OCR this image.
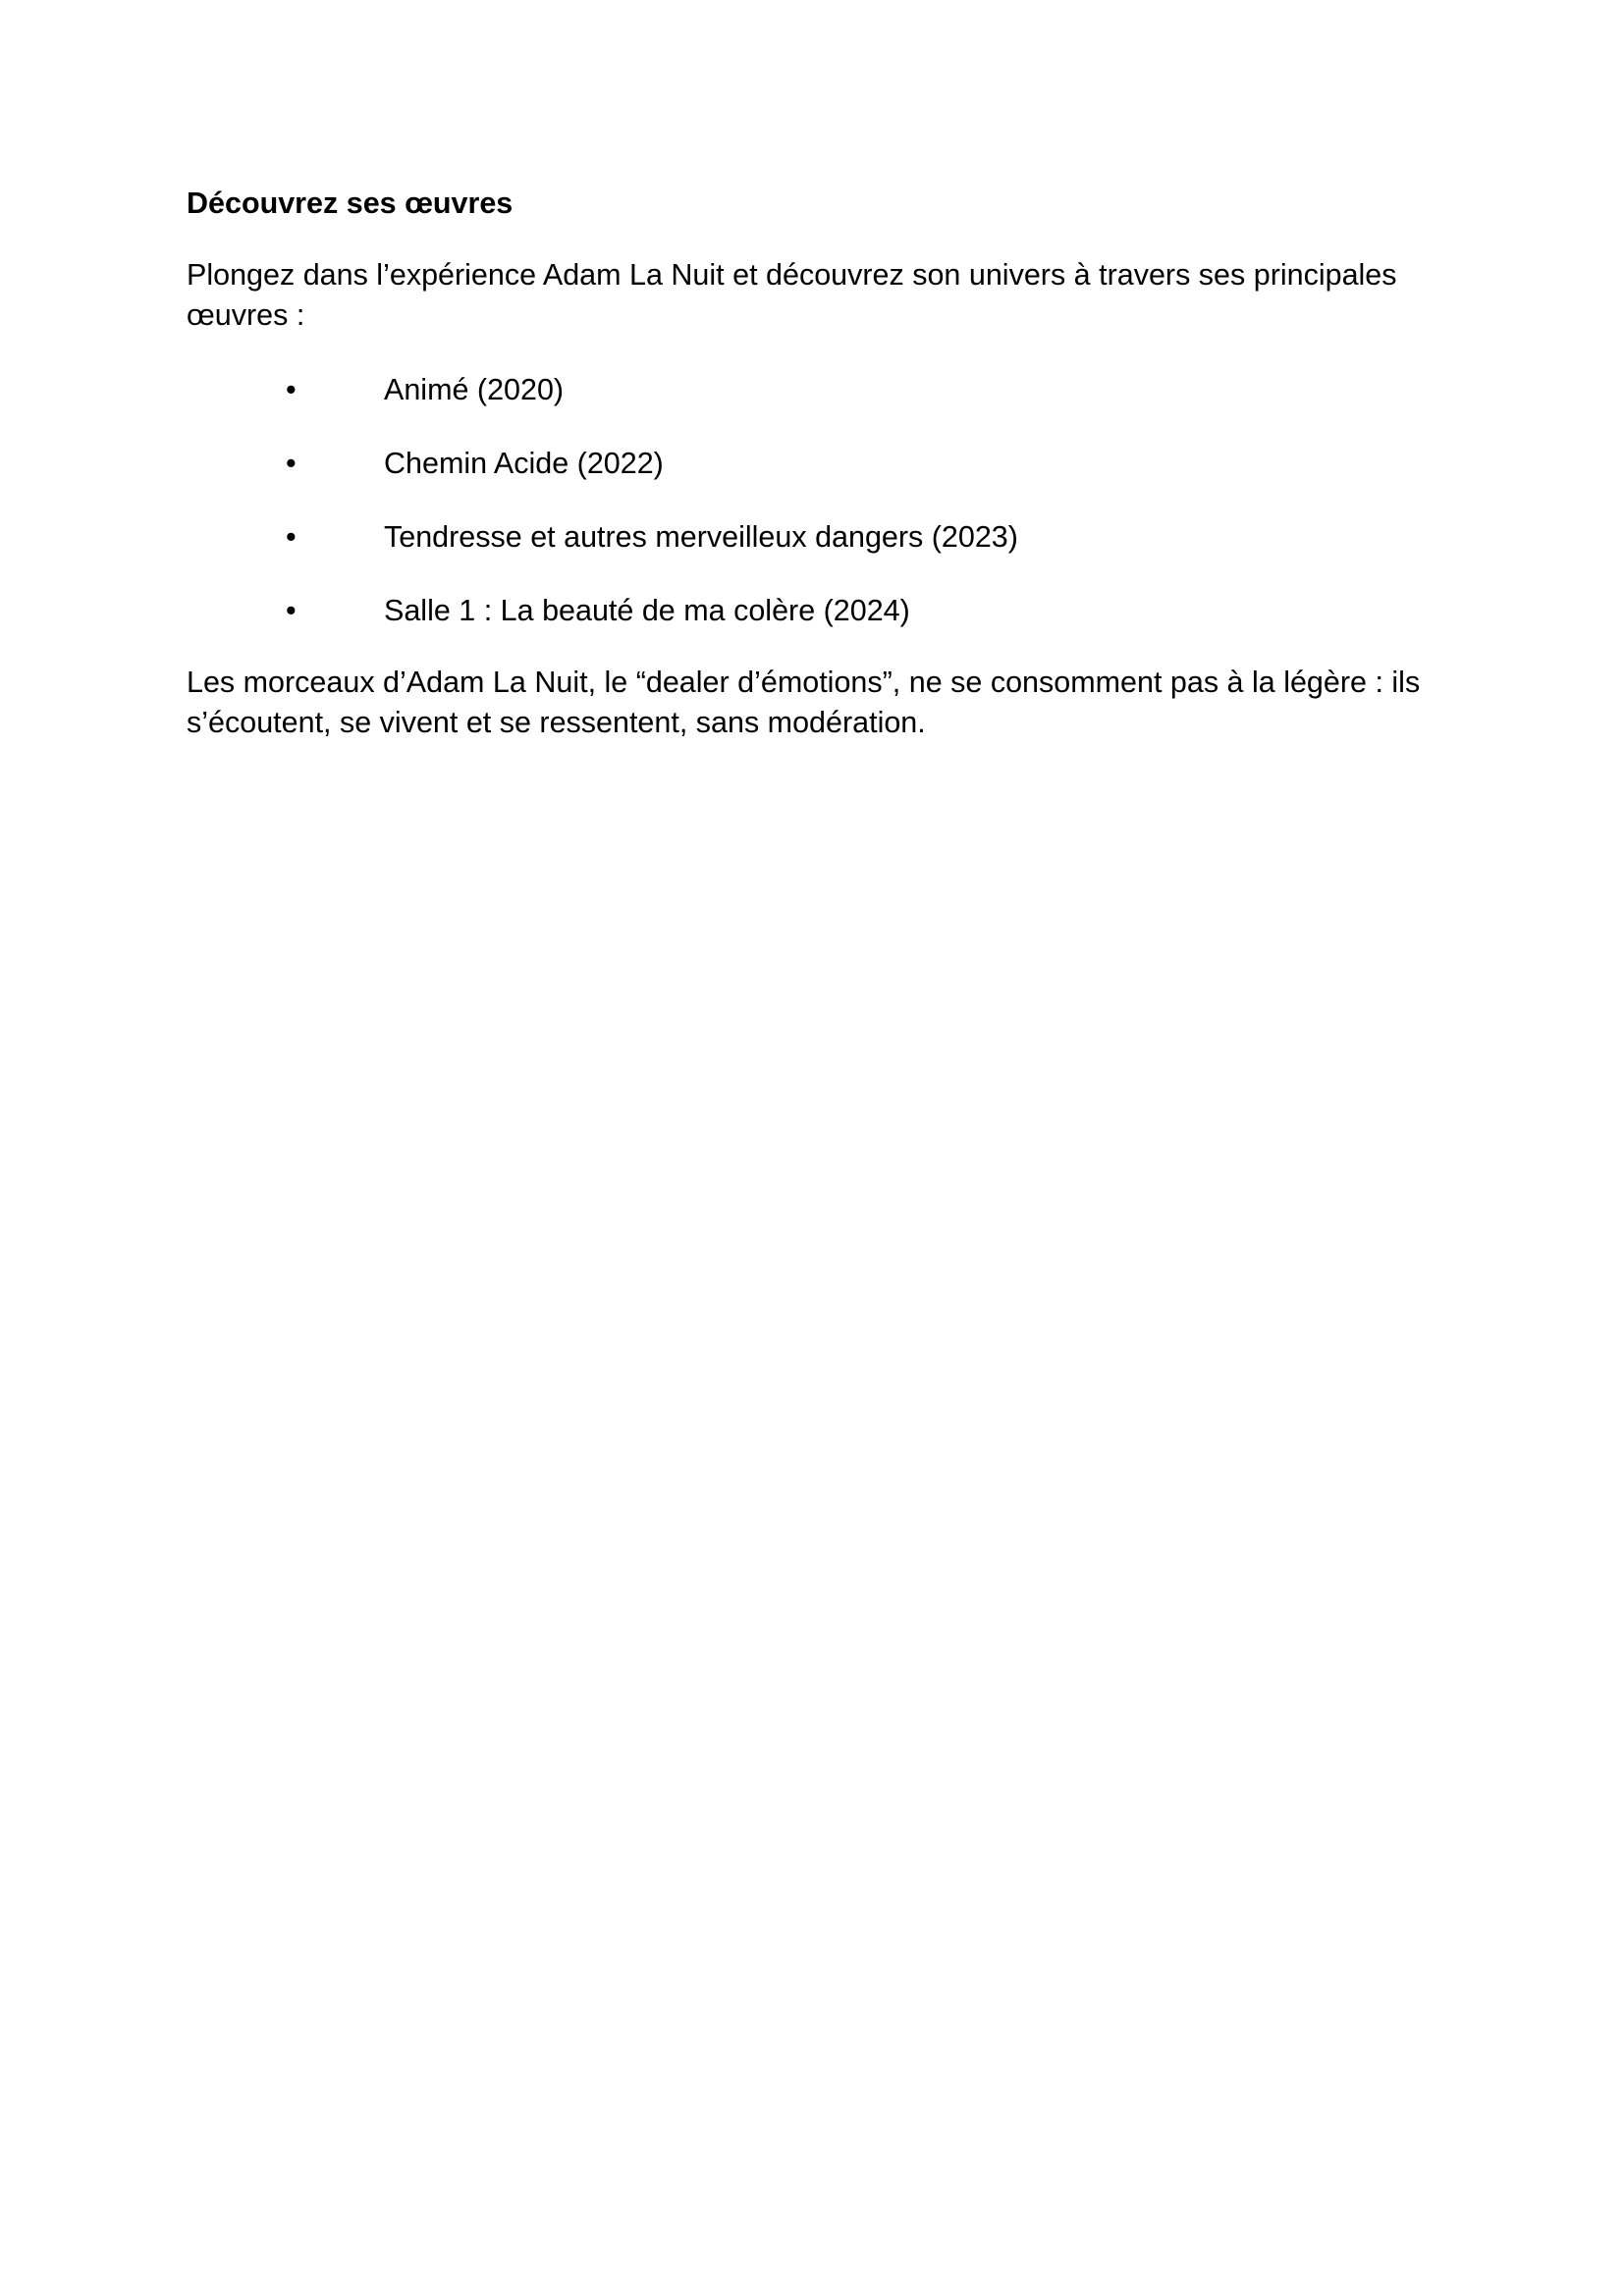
Découvrez ses œuvres

Plongez dans l’expérience Adam La Nuit et découvrez son univers à travers ses principales œuvres :

•	Animé (2020)
•	Chemin Acide (2022)
•	Tendresse et autres merveilleux dangers (2023)
•	Salle 1 : La beauté de ma colère (2024)

Les morceaux d’Adam La Nuit, le “dealer d’émotions”, ne se consomment pas à la légère : ils s’écoutent, se vivent et se ressentent, sans modération.
